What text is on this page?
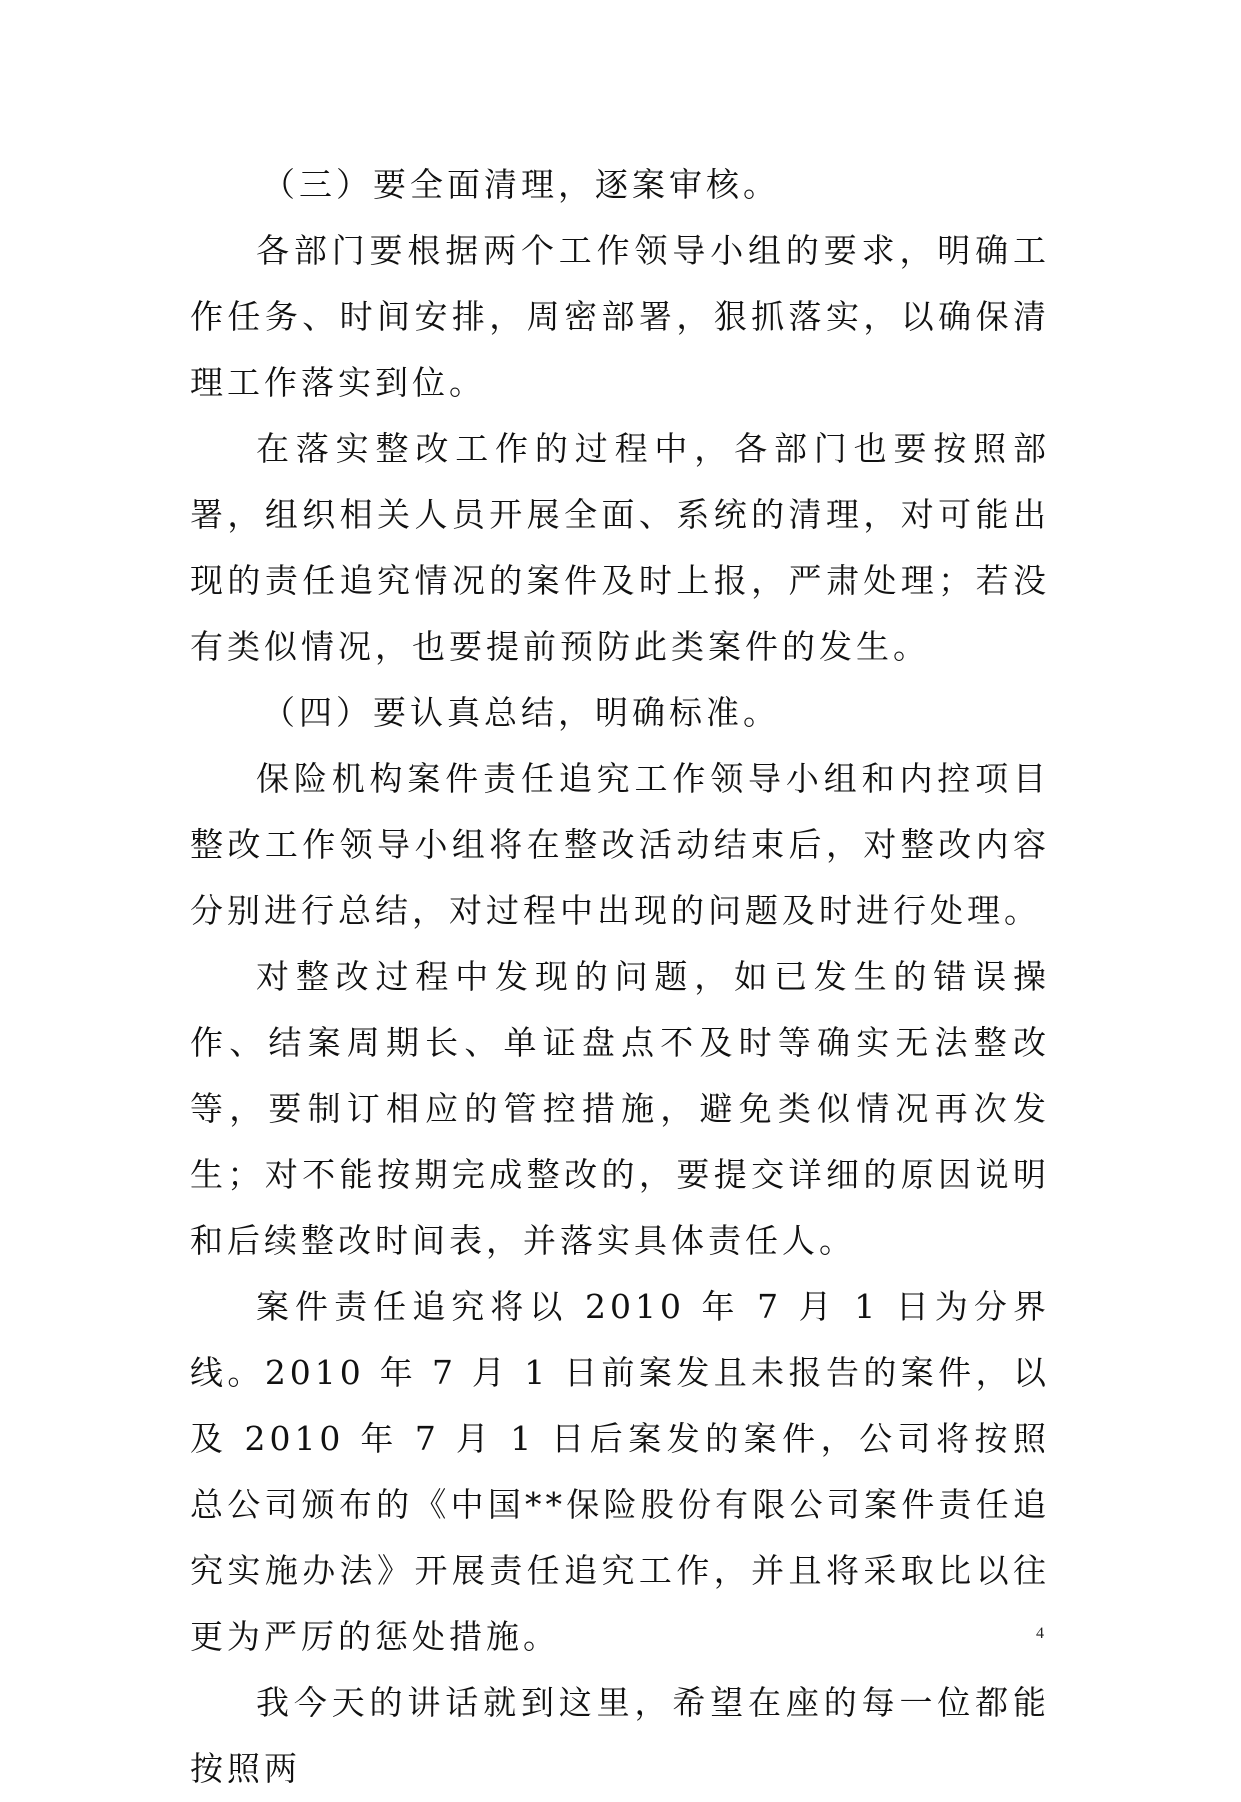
（三）要全面清理，逐案审核。

各部门要根据两个工作领导小组的要求，明确工作任务、时间安排，周密部署，狠抓落实，以确保清理工作落实到位。

在落实整改工作的过程中，各部门也要按照部署，组织相关人员开展全面、系统的清理，对可能出现的责任追究情况的案件及时上报，严肃处理；若没有类似情况，也要提前预防此类案件的发生。

（四）要认真总结，明确标准。

保险机构案件责任追究工作领导小组和内控项目整改工作领导小组将在整改活动结束后，对整改内容分别进行总结，对过程中出现的问题及时进行处理。

对整改过程中发现的问题，如已发生的错误操作、结案周期长、单证盘点不及时等确实无法整改等，要制订相应的管控措施，避免类似情况再次发生；对不能按期完成整改的，要提交详细的原因说明和后续整改时间表，并落实具体责任人。

案件责任追究将以 2010 年 7 月 1 日为分界线。2010 年 7 月 1 日前案发且未报告的案件，以及 2010 年 7 月 1 日后案发的案件，公司将按照总公司颁布的《中国**保险股份有限公司案件责任追究实施办法》开展责任追究工作，并且将采取比以往更为严厉的惩处措施。

我今天的讲话就到这里，希望在座的每一位都能按照两

4
